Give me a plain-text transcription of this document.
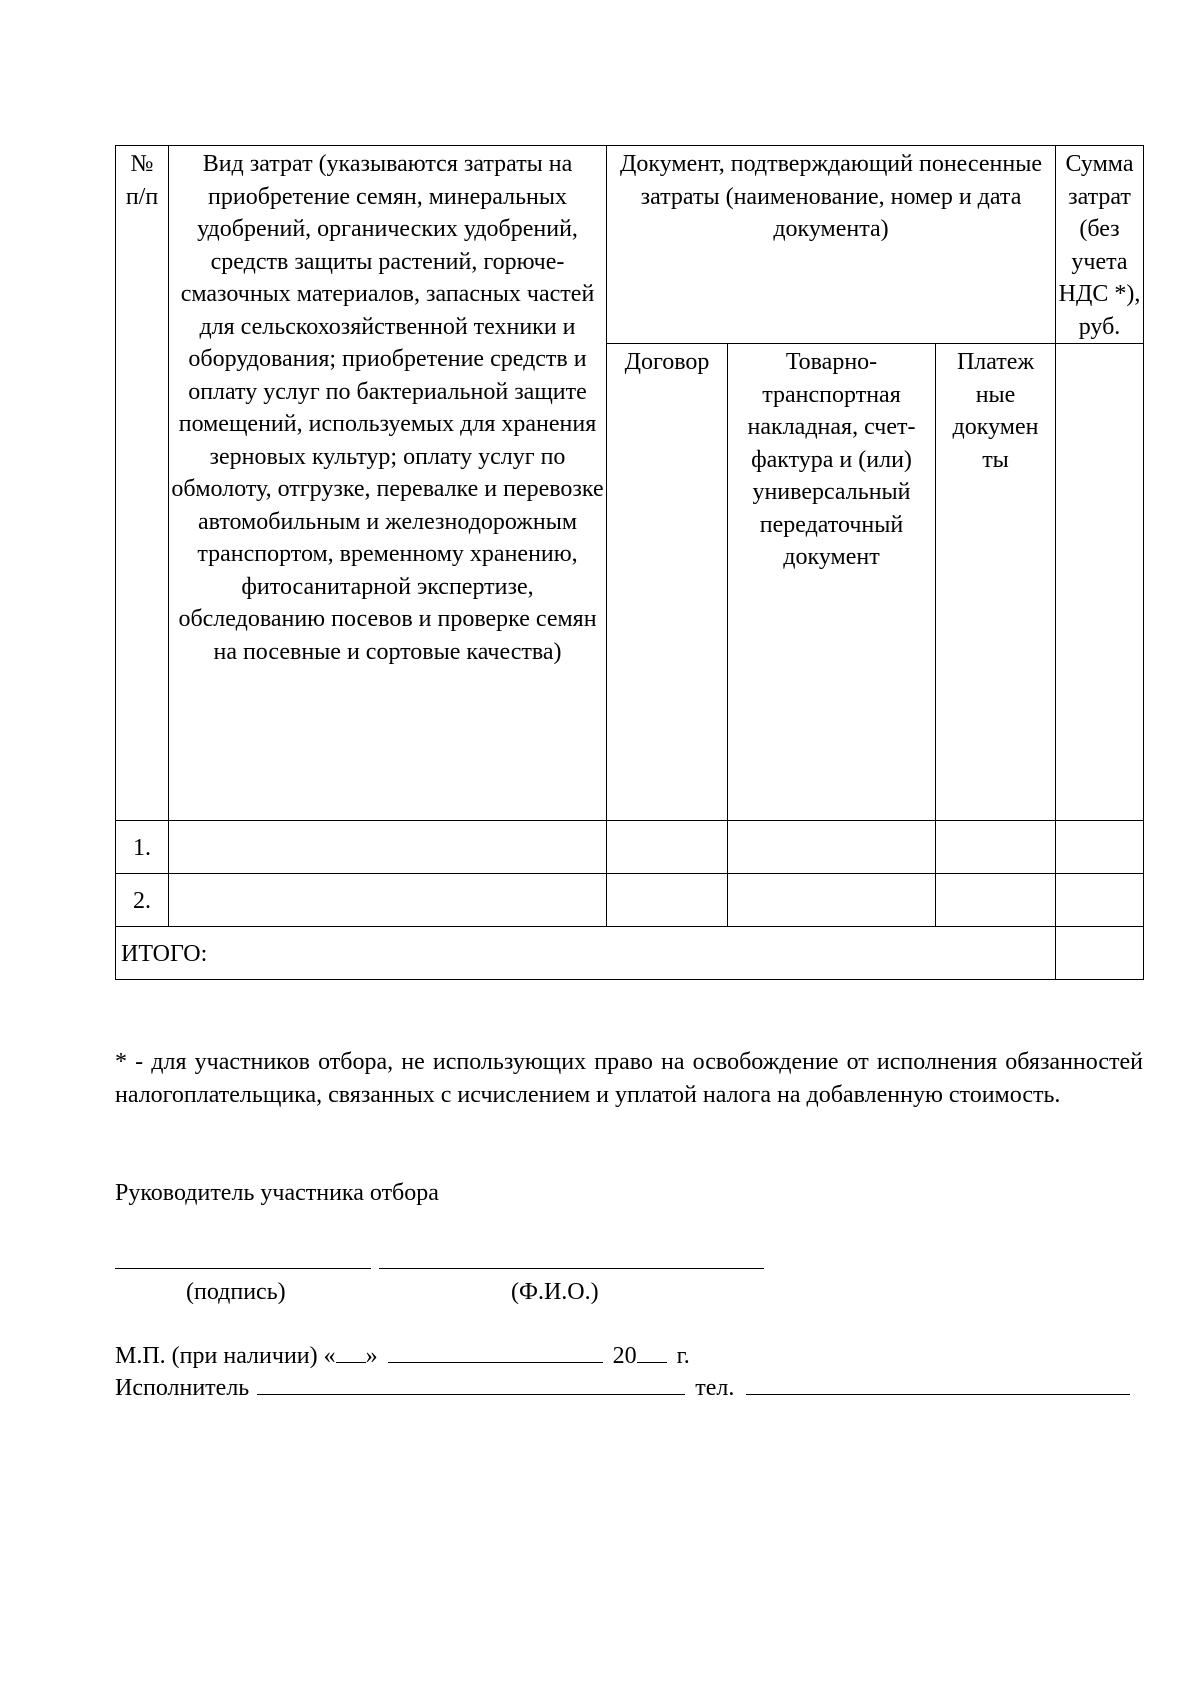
№ п/п	Вид затрат (указываются затраты на приобретение семян, минеральных удобрений, органических удобрений, средств защиты растений, горюче-смазочных материалов, запасных частей для сельскохозяйственной техники и оборудования; приобретение средств и оплату услуг по бактериальной защите помещений, используемых для хранения зерновых культур; оплату услуг по обмолоту, отгрузке, перевалке и перевозке автомобильным и железнодорожным транспортом, временному хранению, фитосанитарной экспертизе, обследованию посевов и проверке семян на посевные и сортовые качества)	Документ, подтверждающий понесенные затраты (наименование, номер и дата документа)			Сумма затрат (без учета НДС *), руб.
		Договор	Товарно-транспортная накладная, счет-фактура и (или) универсальный передаточный документ	Платеж ные докумен ты	
1.					
2.					
ИТОГО:					
* - для участников отбора, не использующих право на освобождение от исполнения обязанностей налогоплательщика, связанных с исчислением и уплатой налога на добавленную стоимость.
Руководитель участника отбора
(подпись)	(Ф.И.О.)
М.П. (при наличии) « »	20 г.
Исполнитель	тел.
